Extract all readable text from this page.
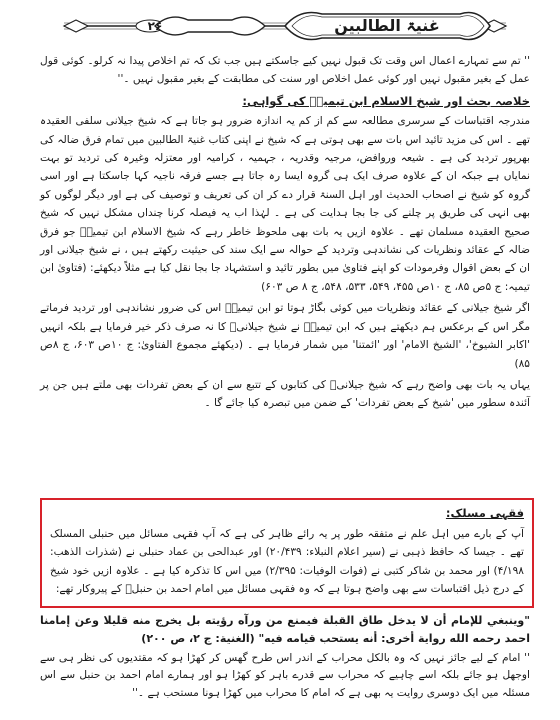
۲۶	غنیۃ الطالبین

'' تم سے تمہارے اعمال اس وقت تک قبول نہیں کیے جاسکتے ہیں جب تک کہ تم اخلاص پیدا نہ کرلو۔ کوئی قول عمل کے بغیر مقبول نہیں اور کوئی عمل اخلاص اور سنت کی مطابقت کے بغیر مقبول نہیں ۔''

خلاصہ بحث اور شیخ الاسلام ابن تیمیہؒ کی گواہی:

مندرجہ اقتباسات کے سرسری مطالعہ سے کم از کم یہ اندازہ ضرور ہو جاتا ہے کہ شیخ جیلانی سلفی العقیدہ تھے ۔ اس کی مزید تائید اس بات سے بھی ہوتی ہے کہ شیخ نے اپنی کتاب غنیۃ الطالبین میں تمام فرق ضالہ کی بھرپور تردید کی ہے ۔ شیعہ وروافض، مرجیہ وقدریہ ، جہمیہ ، کرامیہ اور معتزلہ وغیرہ کی تردید تو بہت نمایاں ہے جبکہ ان کے علاوہ صرف ایک ہی گروہ ایسا رہ جاتا ہے جسے فرقہ ناجیہ کہا جاسکتا ہے اور اسی گروہ کو شیخ نے اصحاب الحدیث اور اہل السنۃ قرار دے کر ان کی تعریف و توصیف کی ہے اور دیگر لوگوں کو بھی انہی کی طریق پر چلنے کی جا بجا ہدایت کی ہے ۔ لہٰذا اب یہ فیصلہ کرنا چنداں مشکل نہیں کہ شیخ صحیح العقیدہ مسلمان تھے ۔ علاوہ ازیں یہ بات بھی ملحوظ خاطر رہے کہ شیخ الاسلام ابن تیمیہؒ جو فرق ضالہ کے عقائد ونظریات کی نشاندہی وتردید کے حوالہ سے ایک سند کی حیثیت رکھتے ہیں ، نے شیخ جیلانی اور ان کے بعض اقوال وفرمودات کو اپنے فتاویٰ میں بطور تائید و استشہاد جا بجا نقل کیا ہے مثلاً دیکھئے: (فتاویٰ ابن تیمیہ: ج ۵ص ۸۵، ج ۱۰ص ۴۵۵، ۵۴۹، ۵۳۳، ۵۴۸، ج ۸ ص ۶۰۳)

اگر شیخ جیلانی کے عقائد ونظریات میں کوئی بگاڑ ہوتا تو ابن تیمیہؒ اس کی ضرور نشاندہی اور تردید فرماتے مگر اس کے برعکس ہم دیکھتے ہیں کہ ابن تیمیہؒ نے شیخ جیلانیؒ کا نہ صرف ذکر خیر فرمایا ہے بلکہ انہیں 'اکابر الشیوخ'، 'الشیخ الامام' اور 'ائمتنا' میں شمار فرمایا ہے ۔ (دیکھئے مجموع الفتاویٰ: ج ۱۰ص ۶۰۳، ج ۸ص ۸۵)

یہاں یہ بات بھی واضح رہے کہ شیخ جیلانیؒ کی کتابوں کے تتبع سے ان کے بعض تفردات بھی ملتے ہیں جن پر آئندہ سطور میں 'شیخ کے بعض تفردات' کے ضمن میں تبصرہ کیا جائے گا ۔

فقہی مسلک:
آپ کے بارے میں اہل علم نے متفقہ طور پر یہ رائے ظاہر کی ہے کہ آپ فقہی مسائل میں حنبلی المسلک تھے ۔ جیسا کہ حافظ ذہبی نے (سیر اعلام النبلاء: ۲۰/۴۳۹) اور عبدالحی بن عماد حنبلی نے (شذرات الذھب: ۴/۱۹۸) اور محمد بن شاکر کتبی نے (فوات الوفیات: ۲/۳۹۵) میں اس کا تذکرہ کیا ہے ۔ علاوہ ازیں خود شیخ کے درج ذیل اقتباسات سے بھی واضح ہوتا ہے کہ وہ فقہی مسائل میں امام احمد بن حنبلؒ کے پیروکار تھے:

"وينبغي للإمام أن لا يدخل طاق القبلة فيمنع من ورآه رؤيته بل يخرج منه قليلا وعن إمامنا احمد رحمه الله رواية أخرى: أنه يستحب قيامه فيه" (الغنية: ج ۲، ص ۲۰۰)

'' امام کے لیے جائز نہیں کہ وہ بالکل محراب کے اندر اس طرح گھس کر کھڑا ہو کہ مقتدیوں کی نظر ہی سے اوجھل ہو جائے بلکہ اسے چاہیے کہ محراب سے قدرے باہر کو کھڑا ہو اور ہمارے امام احمد بن حنبل سے اس مسئلہ میں ایک دوسری روایت یہ بھی ہے کہ امام کا محراب میں کھڑا ہونا مستحب ہے ۔''
